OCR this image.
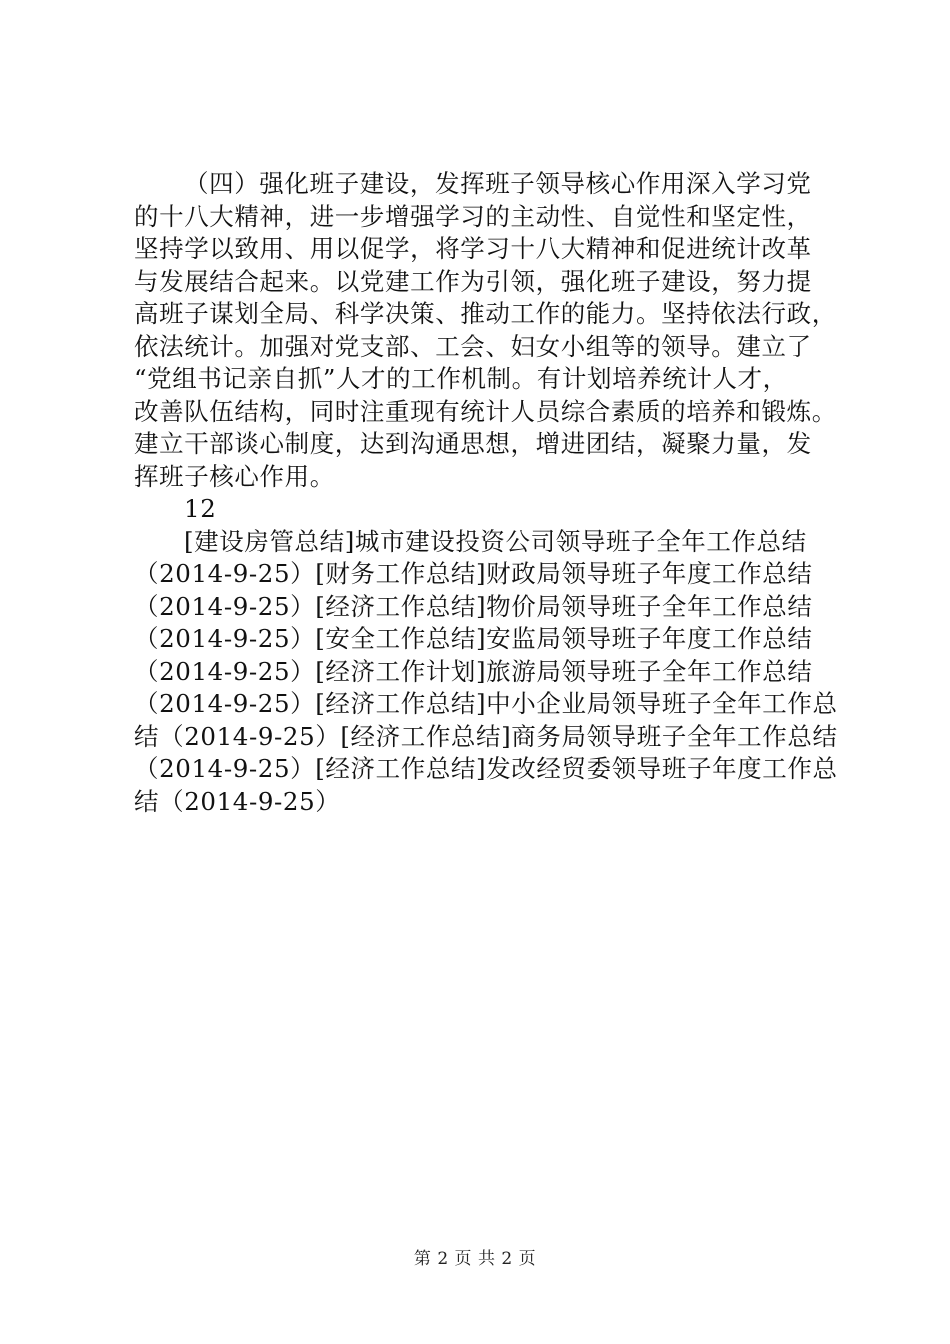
（四）强化班子建设，发挥班子领导核心作用深入学习党
的十八大精神，进一步增强学习的主动性、自觉性和坚定性，
坚持学以致用、用以促学，将学习十八大精神和促进统计改革
与发展结合起来。以党建工作为引领，强化班子建设，努力提
高班子谋划全局、科学决策、推动工作的能力。坚持依法行政，
依法统计。加强对党支部、工会、妇女小组等的领导。建立了
“党组书记亲自抓”人才的工作机制。有计划培养统计人才，
改善队伍结构，同时注重现有统计人员综合素质的培养和锻炼。
建立干部谈心制度，达到沟通思想，增进团结，凝聚力量，发
挥班子核心作用。
12
[建设房管总结]城市建设投资公司领导班子全年工作总结
（2014-9-25）[财务工作总结]财政局领导班子年度工作总结
（2014-9-25）[经济工作总结]物价局领导班子全年工作总结
（2014-9-25）[安全工作总结]安监局领导班子年度工作总结
（2014-9-25）[经济工作计划]旅游局领导班子全年工作总结
（2014-9-25）[经济工作总结]中小企业局领导班子全年工作总
结（2014-9-25）[经济工作总结]商务局领导班子全年工作总结
（2014-9-25）[经济工作总结]发改经贸委领导班子年度工作总
结（2014-9-25）
第 2 页 共 2 页
